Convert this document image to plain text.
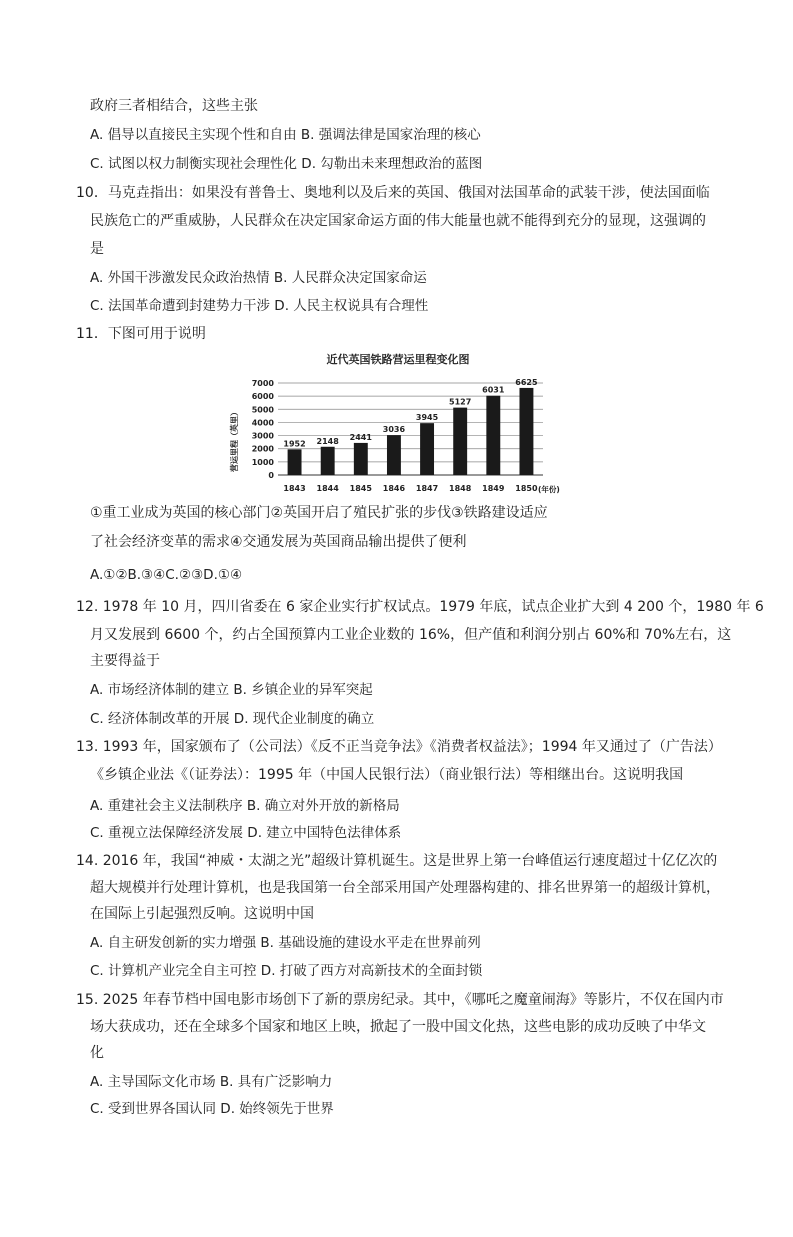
政府三者相结合，这些主张
A. 倡导以直接民主实现个性和自由 B. 强调法律是国家治理的核心
C. 试图以权力制衡实现社会理性化 D. 勾勒出未来理想政治的蓝图
10．马克垚指出：如果没有普鲁士、奥地利以及后来的英国、俄国对法国革命的武装干涉，使法国面临
民族危亡的严重威胁，人民群众在决定国家命运方面的伟大能量也就不能得到充分的显现，这强调的
是
A. 外国干涉激发民众政治热情 B. 人民群众决定国家命运
C. 法国革命遭到封建势力干涉 D. 人民主权说具有合理性
11．下图可用于说明
近代英国铁路营运里程变化图
营运里程（英里）
0
1000
2000
3000
4000
5000
6000
7000
1952 2148 2441
3036
3945
5127
6031
6625
1843 1844 1845 1846 1847 1848 1849 1850 (年份)
①重工业成为英国的核心部门②英国开启了殖民扩张的步伐③铁路建设适应
了社会经济变革的需求④交通发展为英国商品输出提供了便利
A.①②B.③④C.②③D.①④
12. 1978 年 10 月，四川省委在 6 家企业实行扩权试点。1979 年底，试点企业扩大到 4 200 个，1980 年 6
月又发展到 6600 个，约占全国预算内工业企业数的 16%，但产值和利润分别占 60%和 70%左右，这
主要得益于
A. 市场经济体制的建立 B. 乡镇企业的异军突起
C. 经济体制改革的开展 D. 现代企业制度的确立
13. 1993 年，国家颁布了（公司法）《反不正当竞争法》《消费者权益法》；1994 年又通过了（广告法）
《乡镇企业法《（证券法）：1995 年（中国人民银行法）（商业银行法）等相继出台。这说明我国
A. 重建社会主义法制秩序 B. 确立对外开放的新格局
C. 重视立法保障经济发展 D. 建立中国特色法律体系
14. 2016 年，我国“神威・太湖之光”超级计算机诞生。这是世界上第一台峰值运行速度超过十亿亿次的
超大规模并行处理计算机，也是我国第一台全部采用国产处理器构建的、排名世界第一的超级计算机，
在国际上引起强烈反响。这说明中国
A. 自主研发创新的实力增强 B. 基础设施的建设水平走在世界前列
C. 计算机产业完全自主可控 D. 打破了西方对高新技术的全面封锁
15. 2025 年春节档中国电影市场创下了新的票房纪录。其中，《哪吒之魔童闹海》等影片，不仅在国内市
场大获成功，还在全球多个国家和地区上映，掀起了一股中国文化热，这些电影的成功反映了中华文
化
A. 主导国际文化市场 B. 具有广泛影响力
C. 受到世界各国认同 D. 始终领先于世界
